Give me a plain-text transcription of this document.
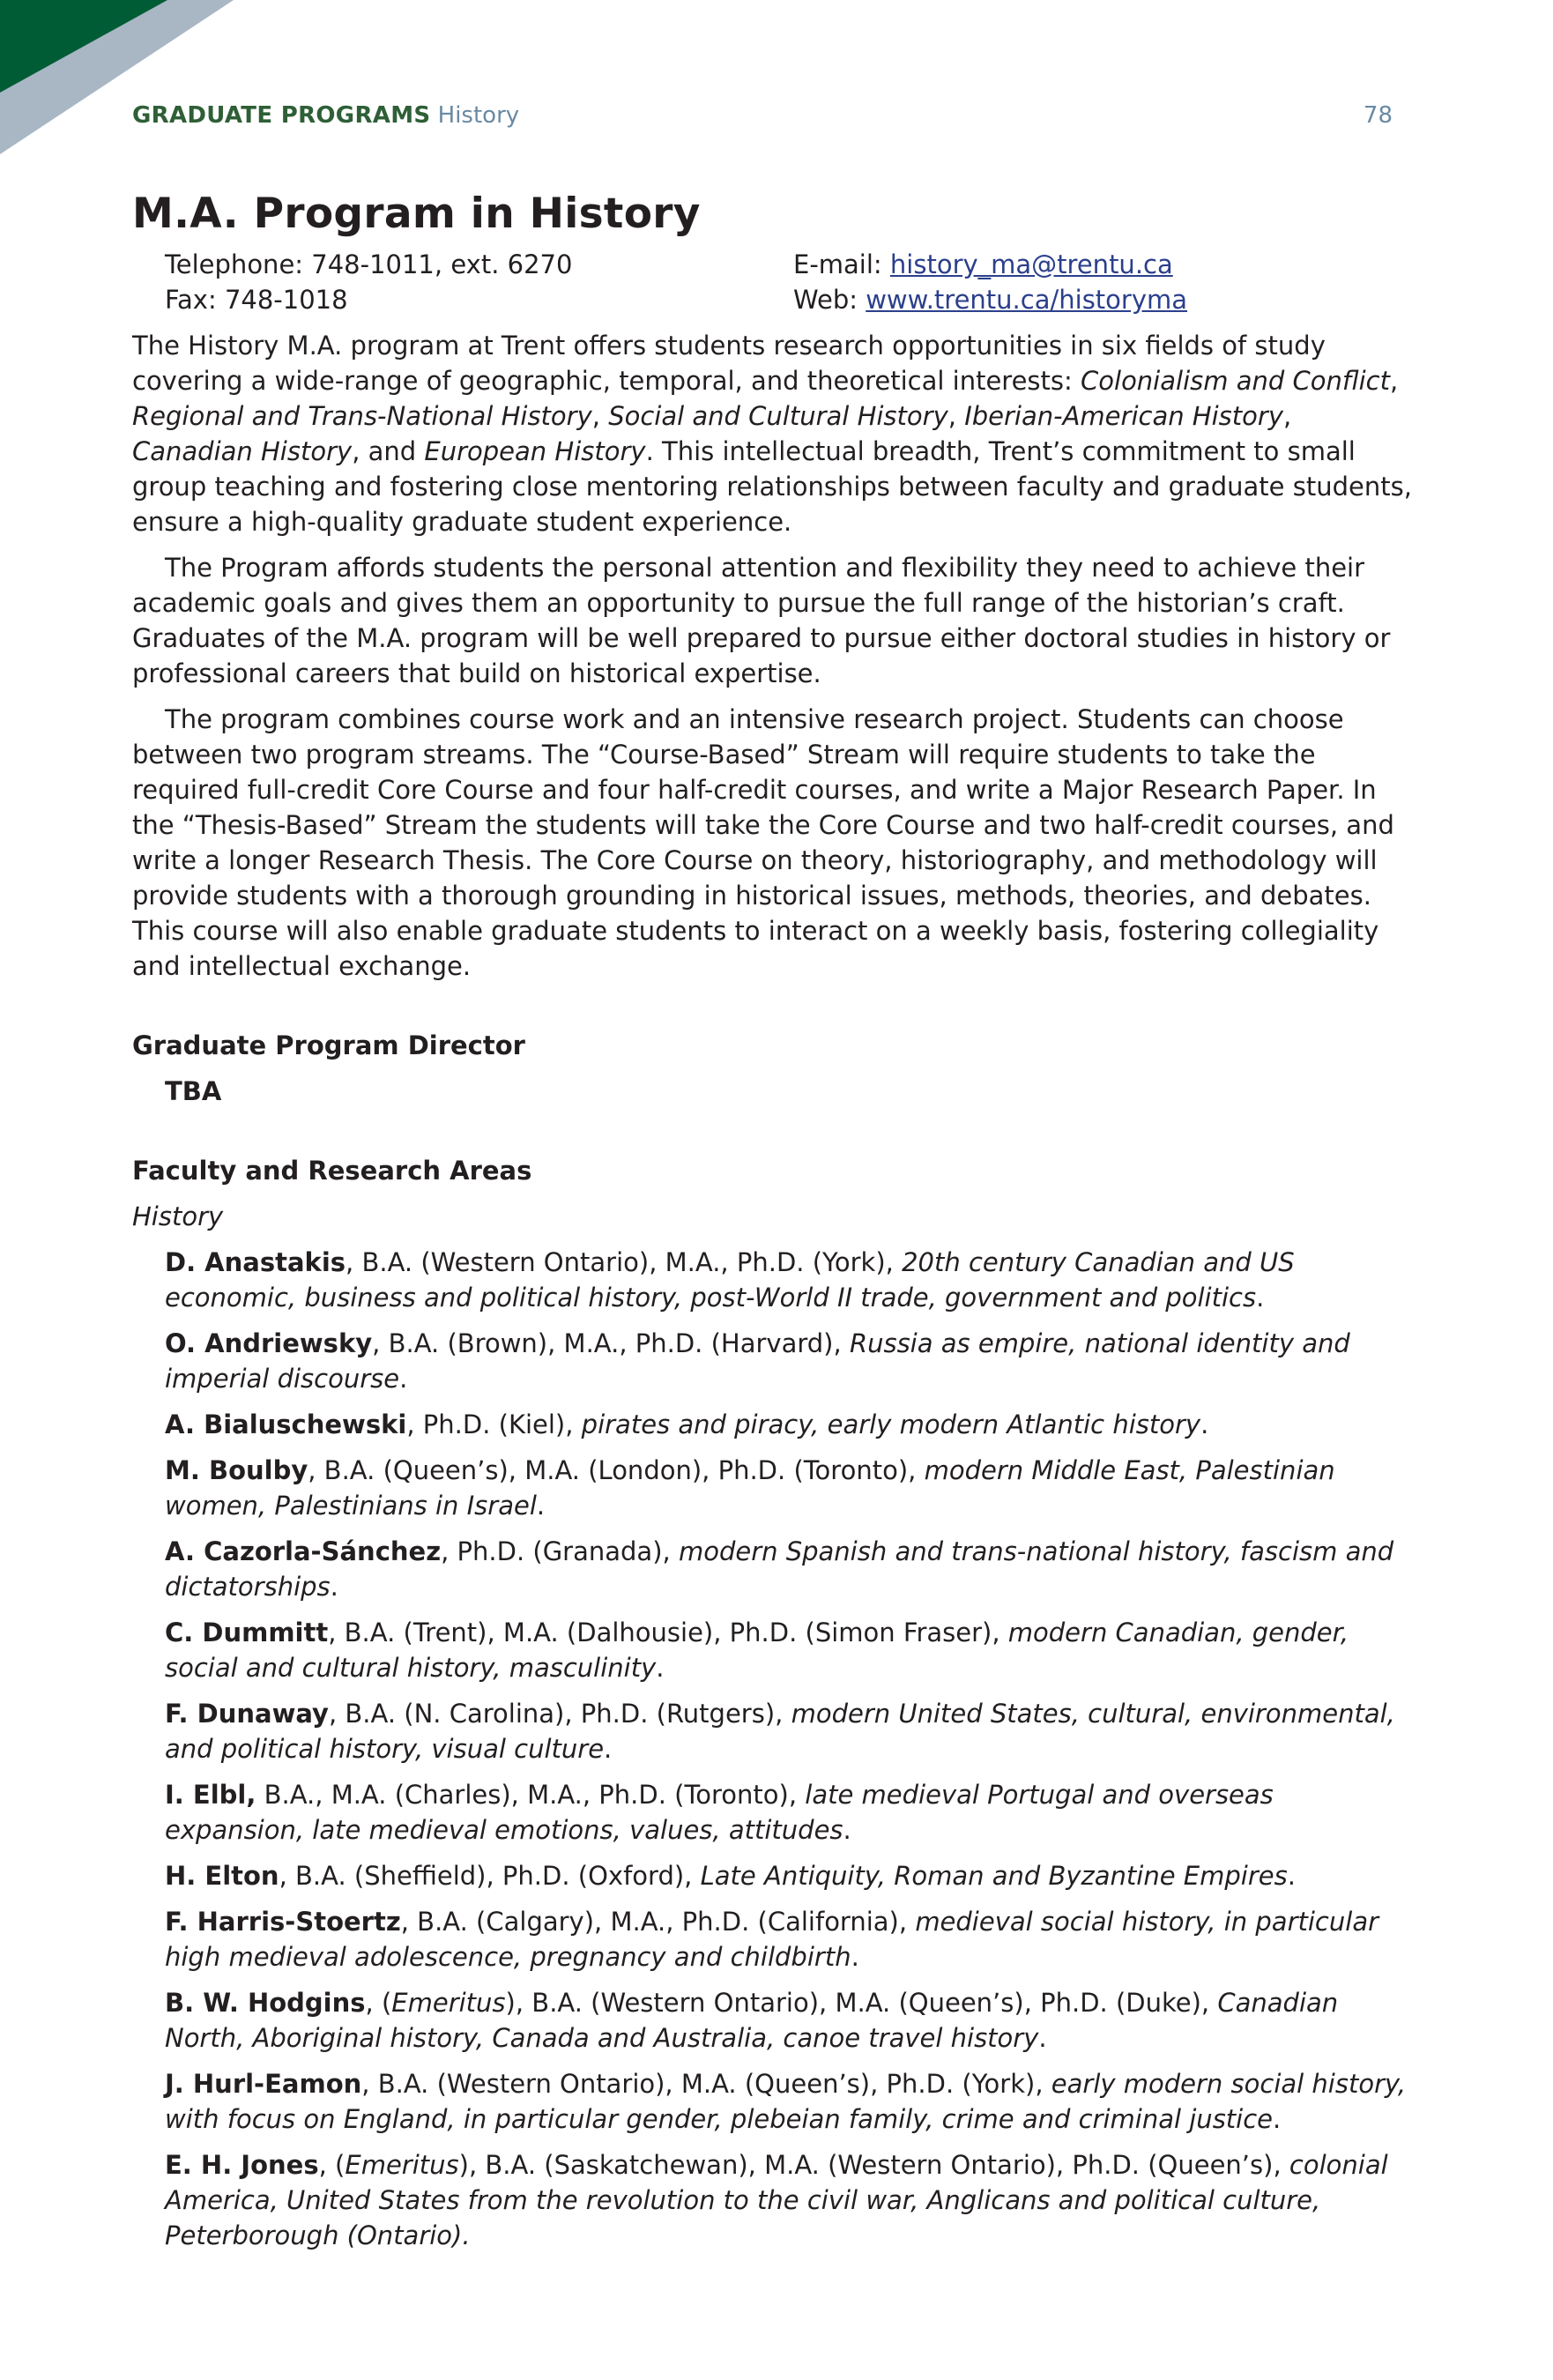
GRADUATE PROGRAMS History	78
M.A. Program in History
Telephone: 748-1011, ext. 6270
Fax: 748-1018
E-mail: history_ma@trentu.ca
Web: www.trentu.ca/historyma

The History M.A. program at Trent offers students research opportunities in six fields of study covering a wide-range of geographic, temporal, and theoretical interests: Colonialism and Conflict, Regional and Trans-National History, Social and Cultural History, Iberian-American History, Canadian History, and European History. This intellectual breadth, Trent’s commitment to small group teaching and fostering close mentoring relationships between faculty and graduate students, ensure a high-quality graduate student experience.

The Program affords students the personal attention and flexibility they need to achieve their academic goals and gives them an opportunity to pursue the full range of the historian’s craft. Graduates of the M.A. program will be well prepared to pursue either doctoral studies in history or professional careers that build on historical expertise.

The program combines course work and an intensive research project. Students can choose between two program streams. The “Course-Based” Stream will require students to take the required full-credit Core Course and four half-credit courses, and write a Major Research Paper. In the “Thesis-Based” Stream the students will take the Core Course and two half-credit courses, and write a longer Research Thesis. The Core Course on theory, historiography, and methodology will provide students with a thorough grounding in historical issues, methods, theories, and debates. This course will also enable graduate students to interact on a weekly basis, fostering collegiality and intellectual exchange.

Graduate Program Director
TBA
Faculty and Research Areas
History
D. Anastakis, B.A. (Western Ontario), M.A., Ph.D. (York), 20th century Canadian and US economic, business and political history, post-World II trade, government and politics.
O. Andriewsky, B.A. (Brown), M.A., Ph.D. (Harvard), Russia as empire, national identity and imperial discourse.
A. Bialuschewski, Ph.D. (Kiel), pirates and piracy, early modern Atlantic history.
M. Boulby, B.A. (Queen’s), M.A. (London), Ph.D. (Toronto), modern Middle East, Palestinian women, Palestinians in Israel.
A. Cazorla-Sánchez, Ph.D. (Granada), modern Spanish and trans-national history, fascism and dictatorships.
C. Dummitt, B.A. (Trent), M.A. (Dalhousie), Ph.D. (Simon Fraser), modern Canadian, gender, social and cultural history, masculinity.
F. Dunaway, B.A. (N. Carolina), Ph.D. (Rutgers), modern United States, cultural, environmental, and political history, visual culture.
I. Elbl, B.A., M.A. (Charles), M.A., Ph.D. (Toronto), late medieval Portugal and overseas expansion, late medieval emotions, values, attitudes.
H. Elton, B.A. (Sheffield), Ph.D. (Oxford), Late Antiquity, Roman and Byzantine Empires.
F. Harris-Stoertz, B.A. (Calgary), M.A., Ph.D. (California), medieval social history, in particular high medieval adolescence, pregnancy and childbirth.
B. W. Hodgins, (Emeritus), B.A. (Western Ontario), M.A. (Queen’s), Ph.D. (Duke), Canadian North, Aboriginal history, Canada and Australia, canoe travel history.
J. Hurl-Eamon, B.A. (Western Ontario), M.A. (Queen’s), Ph.D. (York), early modern social history, with focus on England, in particular gender, plebeian family, crime and criminal justice.
E. H. Jones, (Emeritus), B.A. (Saskatchewan), M.A. (Western Ontario), Ph.D. (Queen’s), colonial America, United States from the revolution to the civil war, Anglicans and political culture, Peterborough (Ontario).
